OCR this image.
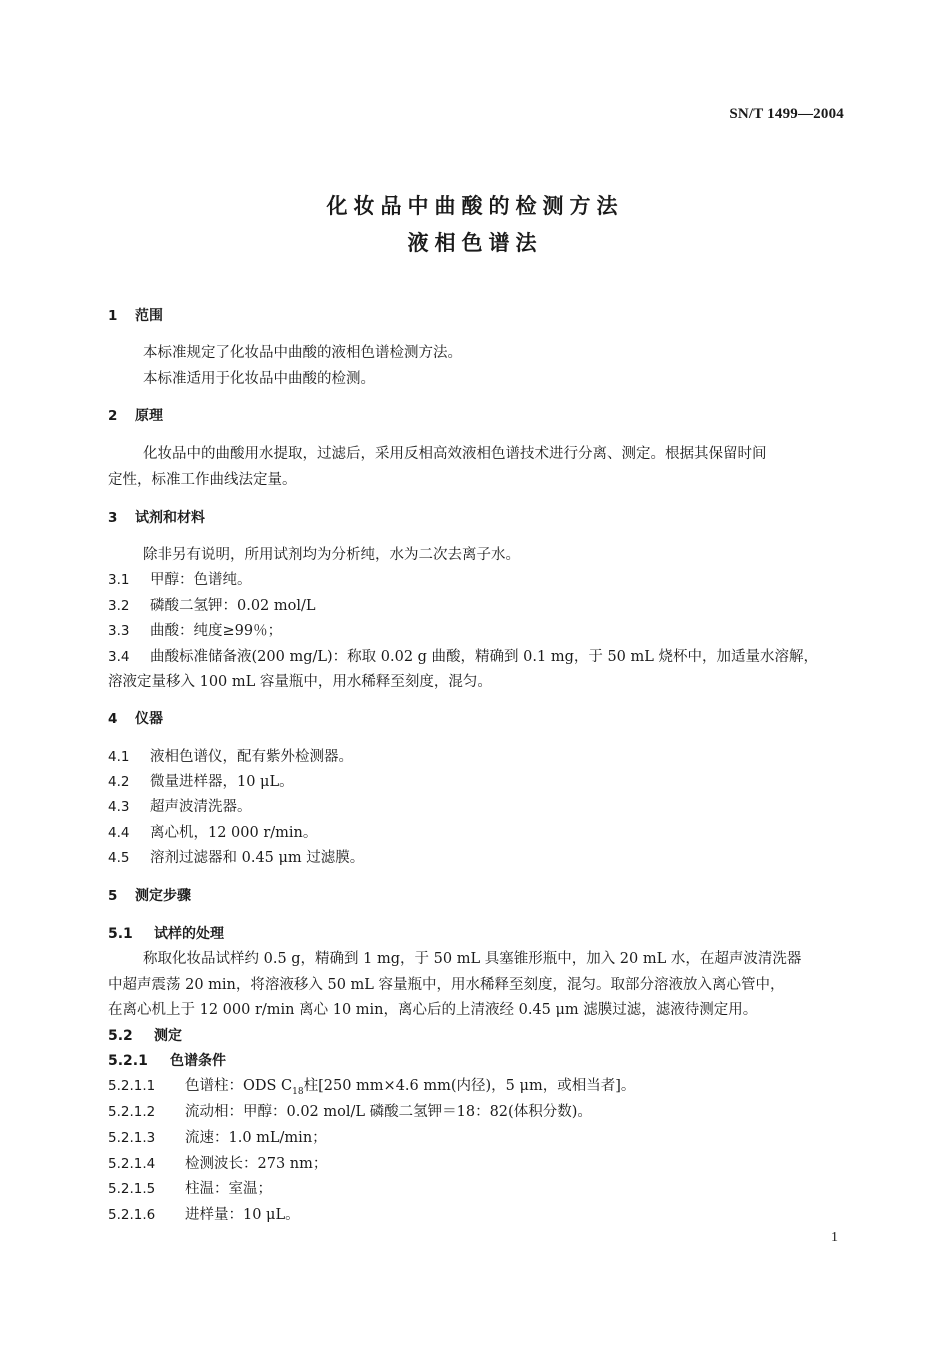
SN/T 1499—2004
化妆品中曲酸的检测方法
液相色谱法
1 范围
本标准规定了化妆品中曲酸的液相色谱检测方法。
本标准适用于化妆品中曲酸的检测。
2 原理
化妆品中的曲酸用水提取，过滤后，采用反相高效液相色谱技术进行分离、测定。根据其保留时间
定性，标准工作曲线法定量。
3 试剂和材料
除非另有说明，所用试剂均为分析纯，水为二次去离子水。
3.1 甲醇：色谱纯。
3.2 磷酸二氢钾：0.02 mol/L
3.3 曲酸：纯度≥99％；
3.4 曲酸标准储备液(200 mg/L)：称取 0.02 g 曲酸，精确到 0.1 mg，于 50 mL 烧杯中，加适量水溶解，
溶液定量移入 100 mL 容量瓶中，用水稀释至刻度，混匀。
4 仪器
4.1 液相色谱仪，配有紫外检测器。
4.2 微量进样器，10 μL。
4.3 超声波清洗器。
4.4 离心机，12 000 r/min。
4.5 溶剂过滤器和 0.45 μm 过滤膜。
5 测定步骤
5.1 试样的处理
称取化妆品试样约 0.5 g，精确到 1 mg，于 50 mL 具塞锥形瓶中，加入 20 mL 水，在超声波清洗器
中超声震荡 20 min，将溶液移入 50 mL 容量瓶中，用水稀释至刻度，混匀。取部分溶液放入离心管中，
在离心机上于 12 000 r/min 离心 10 min，离心后的上清液经 0.45 μm 滤膜过滤，滤液待测定用。
5.2 测定
5.2.1 色谱条件
5.2.1.1 色谱柱：ODS $C_{18}$柱[250 mm×4.6 mm(内径)，5 μm，或相当者]。
5.2.1.2 流动相：甲醇：0.02 mol/L 磷酸二氢钾＝18：82(体积分数)。
5.2.1.3 流速：1.0 mL/min；
5.2.1.4 检测波长：273 nm；
5.2.1.5 柱温：室温；
5.2.1.6 进样量：10 μL。
1
